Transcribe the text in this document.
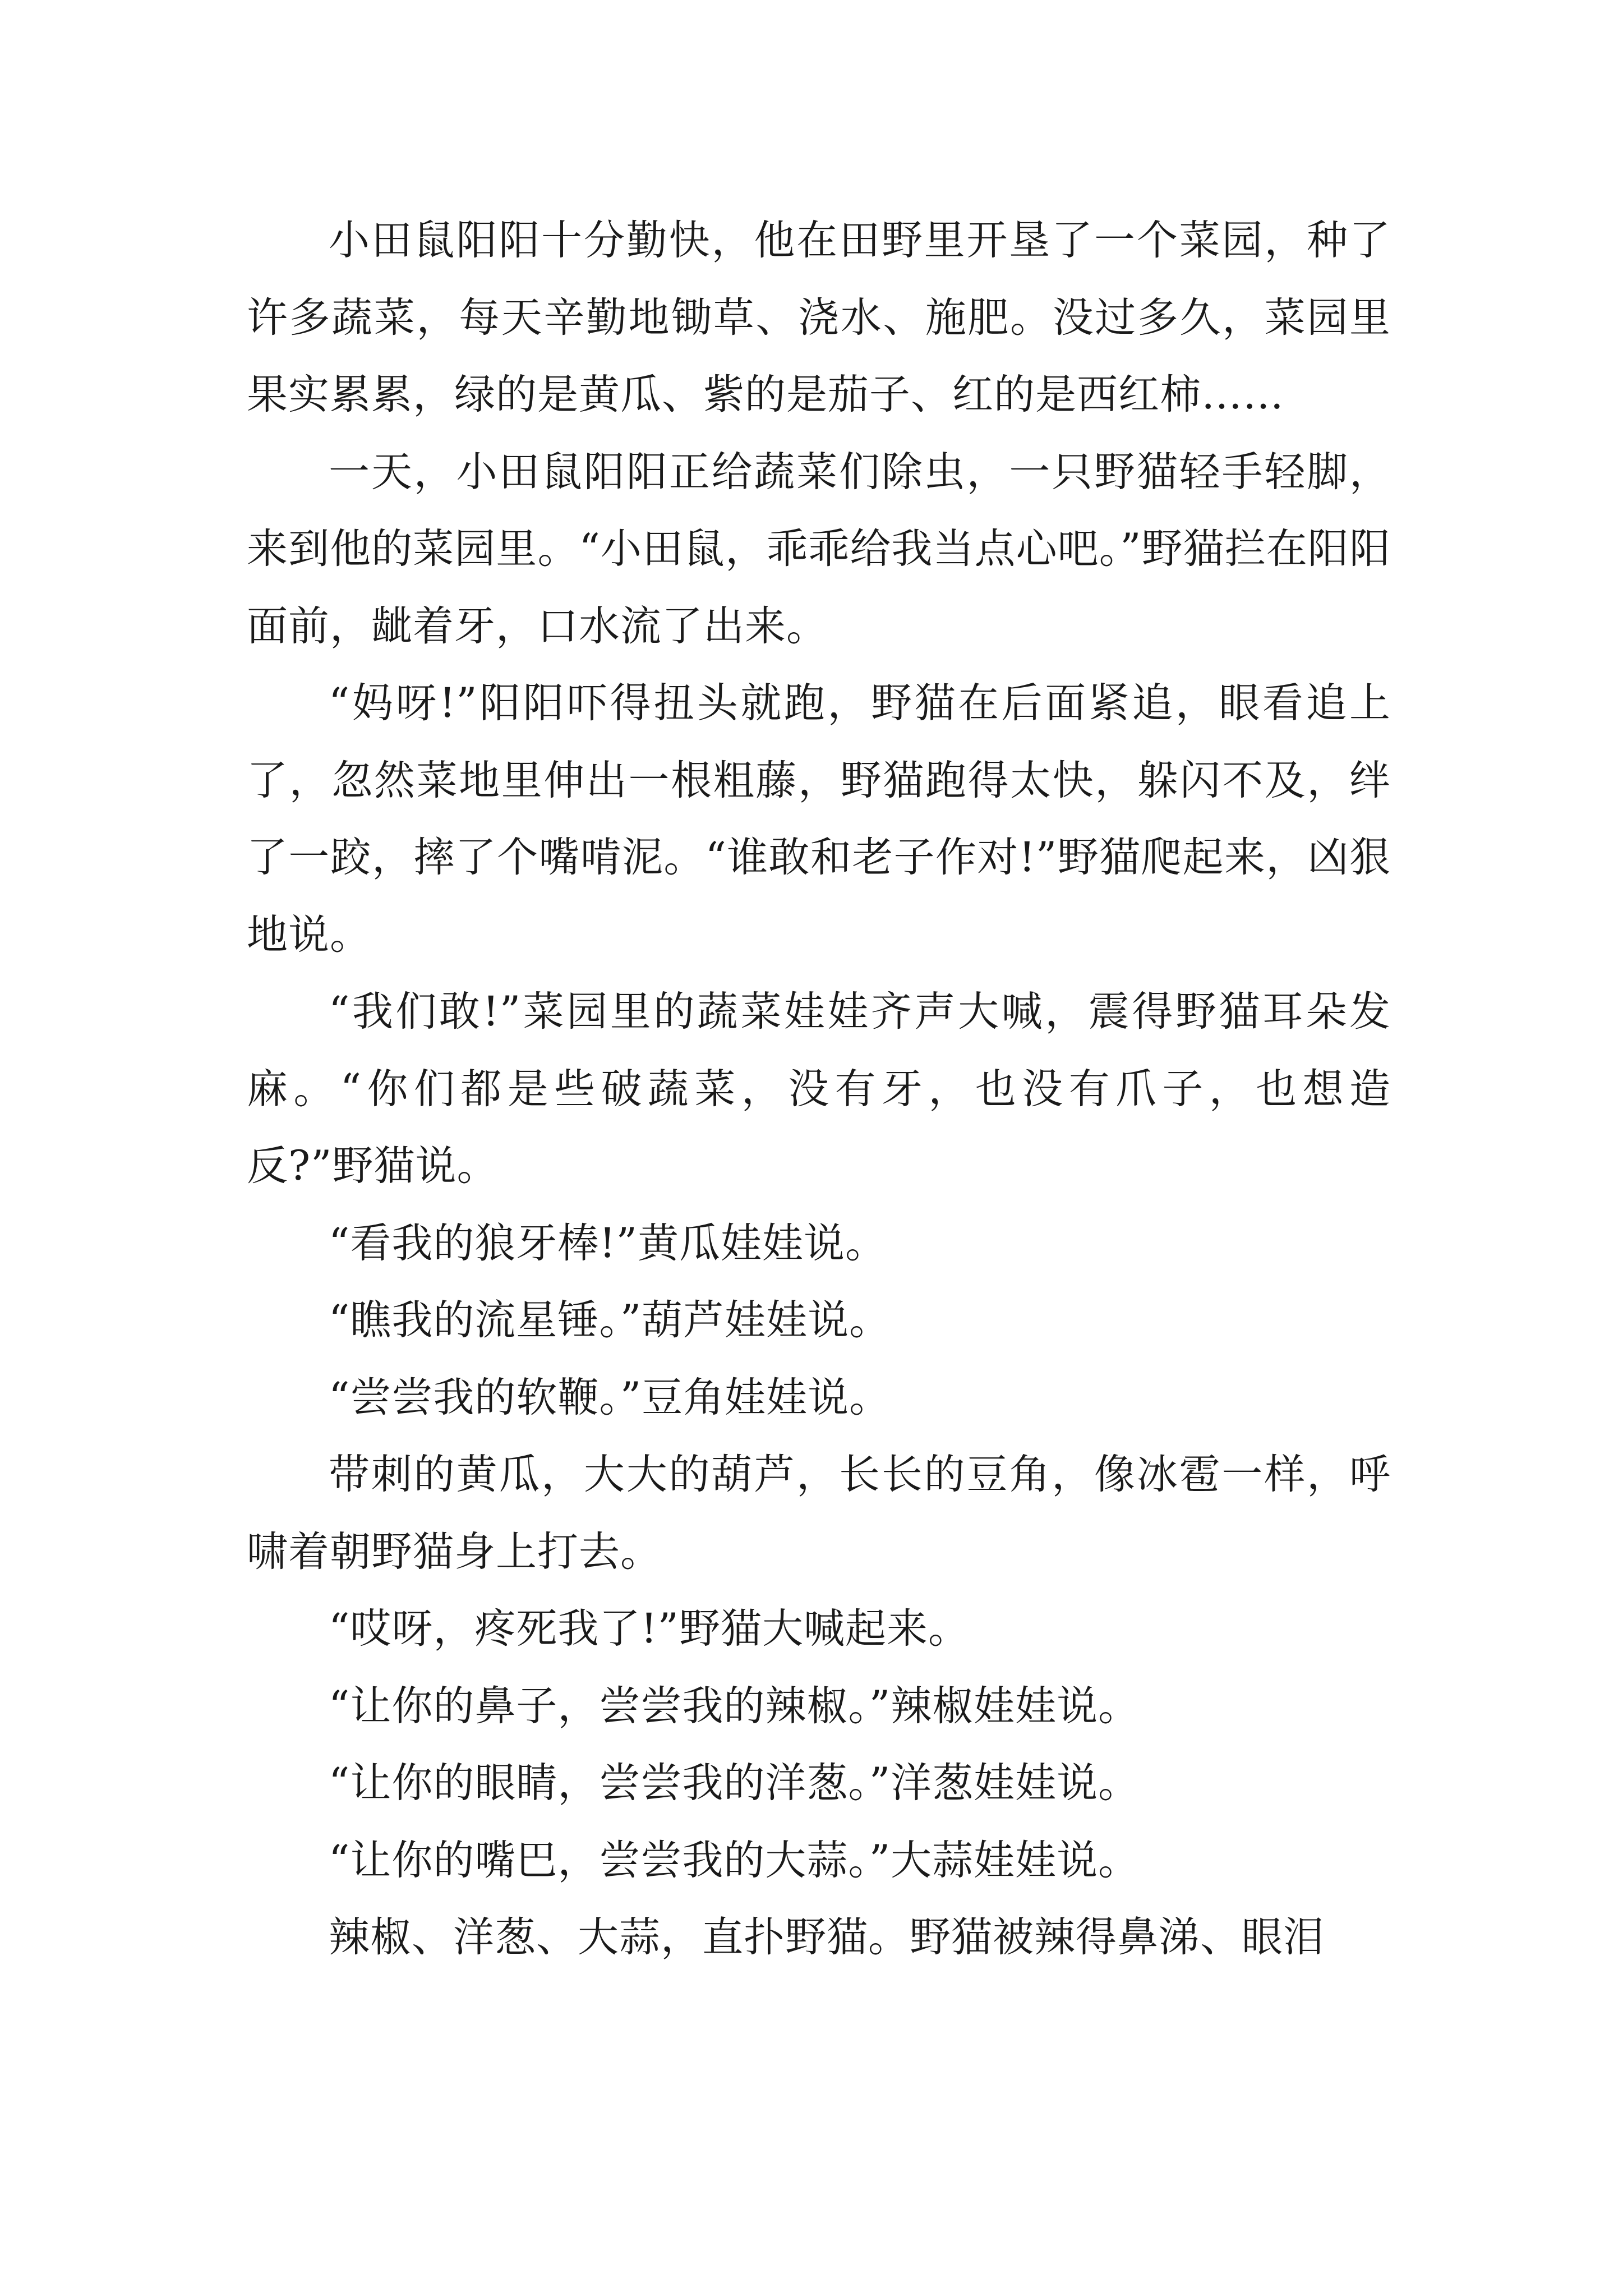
小田鼠阳阳十分勤快，他在田野里开垦了一个菜园，种了许多蔬菜，每天辛勤地锄草、浇水、施肥。没过多久，菜园里果实累累，绿的是黄瓜、紫的是茄子、红的是西红柿……

一天，小田鼠阳阳正给蔬菜们除虫，一只野猫轻手轻脚，来到他的菜园里。“小田鼠，乖乖给我当点心吧。”野猫拦在阳阳面前，龇着牙，口水流了出来。

“妈呀!”阳阳吓得扭头就跑，野猫在后面紧追，眼看追上了，忽然菜地里伸出一根粗藤，野猫跑得太快，躲闪不及，绊了一跤，摔了个嘴啃泥。“谁敢和老子作对!”野猫爬起来，凶狠地说。

“我们敢!”菜园里的蔬菜娃娃齐声大喊，震得野猫耳朵发麻。“你们都是些破蔬菜，没有牙，也没有爪子，也想造反?”野猫说。

“看我的狼牙棒!”黄瓜娃娃说。

“瞧我的流星锤。”葫芦娃娃说。

“尝尝我的软鞭。”豆角娃娃说。

带刺的黄瓜，大大的葫芦，长长的豆角，像冰雹一样，呼啸着朝野猫身上打去。

“哎呀，疼死我了!”野猫大喊起来。

“让你的鼻子，尝尝我的辣椒。”辣椒娃娃说。

“让你的眼睛，尝尝我的洋葱。”洋葱娃娃说。

“让你的嘴巴，尝尝我的大蒜。”大蒜娃娃说。

辣椒、洋葱、大蒜，直扑野猫。野猫被辣得鼻涕、眼泪
